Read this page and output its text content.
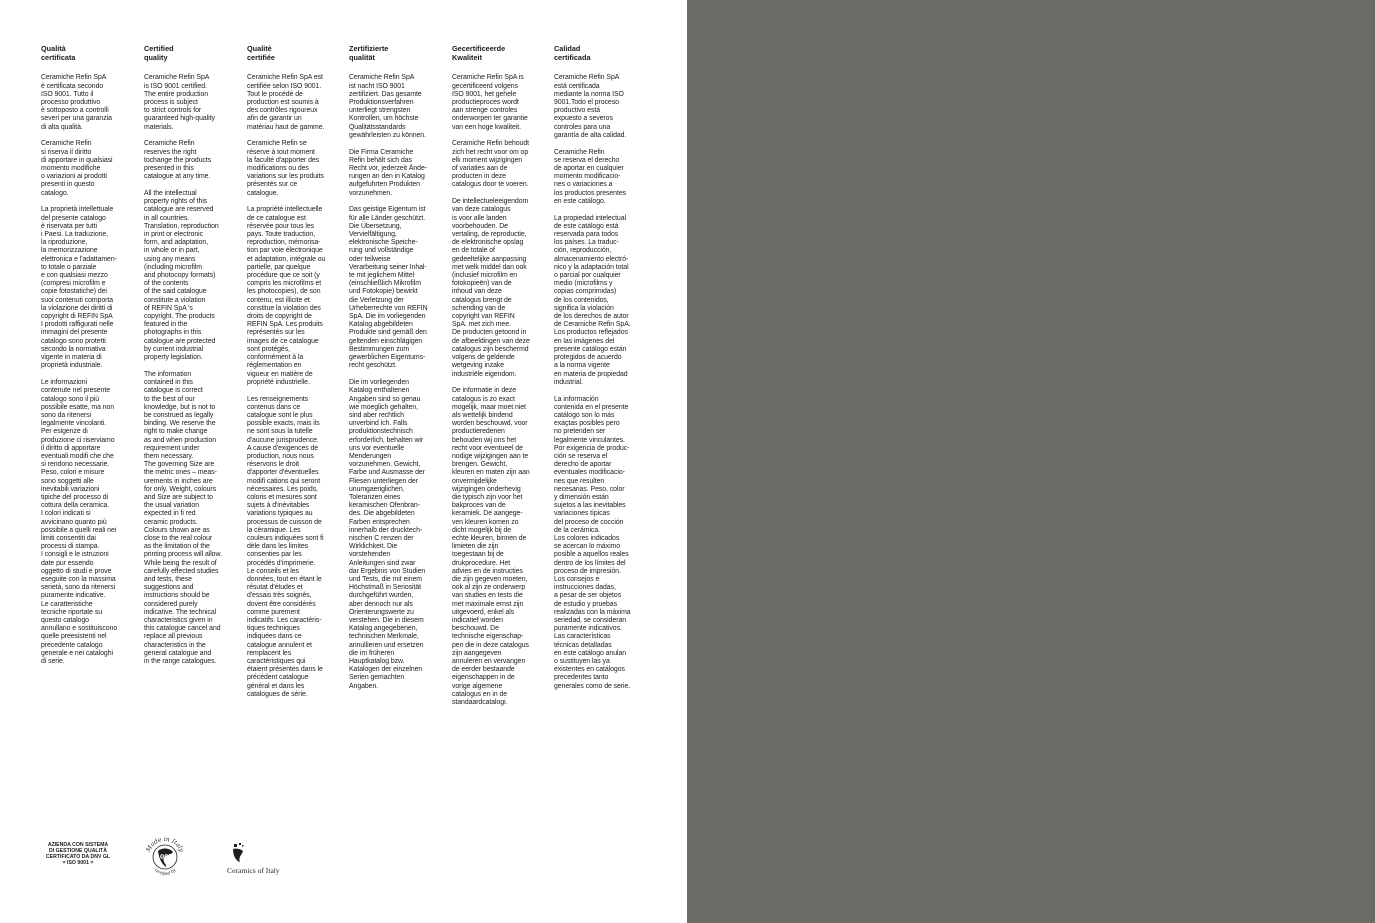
Qualità
certificata

Ceramiche Refin SpA
è certificata secondo
ISO 9001. Tutto il
processo produttivo
è sottoposto a controlli
severi per una garanzia
di alta qualità.

Ceramiche Refin
si riserva il diritto
di apportare in qualsiasi
momento modifiche
o variazioni ai prodotti
presenti in questo
catalogo.

La proprietà intellettuale
del presente catalogo
è riservata per tutti
i Paesi. La traduzione,
la riproduzione,
la memorizzazione
elettronica e l'adattamen-
to totale o parziale
e con qualsiasi mezzo
(compresi microfilm e
copie fotostatiche) dei
suoi contenuti comporta
la violazione dei diritti di
copyright di REFIN SpA
I prodotti raffigurati nelle
immagini del presente
catalogo sono protetti
secondo la normativa
vigente in materia di
proprietà industriale.

Le informazioni
contenute nel presente
catalogo sono il più
possibile esatte, ma non
sono da ritenersi
legalmente vincolanti.
Per esigenze di
produzione ci riserviamo
il diritto di apportare
eventuali modifi che che
si rendono necessarie.
Peso, colori e misure
sono soggetti alle
inevitabili variazioni
tipiche del processo di
cottura della ceramica.
I colori indicati si
avvicinano quanto più
possibile a quelli reali nei
limiti consentiti dai
processi di stampa.
I consigli e le istruzioni
date pur essendo
oggetto di studi e prove
eseguite con la massima
serietà, sono da ritenersi
puramente indicative.
Le caratteristiche
tecniche riportate su
questo catalogo
annullano e sostituiscono
quelle preesistenti nel
precedente catalogo
generale e nei cataloghi
di serie.

Certified
quality

Ceramiche Refin SpA
is ISO 9001 certified.
The entire production
process is subject
to strict controls for
guaranteed high-quality
materials.

Ceramiche Refin
reserves the right
tochange the products
presented in this
catalogue at any time.

All the intellectual
property rights of this
catalogue are reserved
in all countries.
Translation, reproduction
in print or electronic
form, and adaptation,
in whole or in part,
using any means
(including microfilm
and photocopy formats)
of the contents
of the said catalogue
constitute a violation
of REFIN SpA 's
copyright. The products
featured in the
photographs in this
catalogue are protected
by current industrial
property legislation.

The information
contained in this
catalogue is correct
to the best of our
knowledge, but is not to
be construed as legally
binding. We reserve the
right to make change
as and when production
requirement under
them necessary.
The governing Size are
the metric ones – meas-
urements in inches are
for only. Weight, colours
and Size are subject to
the usual variation
expected in fi red
ceramic products.
Colours shown are as
close to the real colour
as the limitation of the
printing process will allow.
While being the result of
carefully effected studies
and tests, these
suggestions and
instructions should be
considered purely
indicative. The technical
characteristics given in
this catalogue cancel and
replace all previous
characteristics in the
general catalogue and
in the range catalogues.

Qualitè
certifiée

Ceramiche Refin SpA est
certifiée selon ISO 9001.
Tout le procédé de
production est soumis à
des contrôles rigoureux
afin de garantir un
matériau haut de gamme.

Ceramiche Refin se
réserve à tout moment
la faculté d'apporter des
modifications ou des
variations sur les produits
présentés sur ce
catalogue.

La propriété intellectuelle
de ce catalogue est
réservée pour tous les
pays. Toute traduction,
reproduction, mémorisa-
tion par voie électronique
et adaptation, intégrale ou
partielle, par quelque
procédure que ce soit (y
compris les microfilms et
les photocopies), de son
contenu, est illicite et
constitue la violation des
droits de copyright de
REFIN SpA. Les produits
représentés sur les
images de ce catalogue
sont protégés,
conformément à la
réglementation en
vigueur en matière de
propriété industrielle.

Les renseignements
contenus dans ce
catalogue sont le plus
possible exacts, mais ils
ne sont sous la tutelle
d'aucune jurisprudence.
A cause d'exigences de
production, nous nous
réservons le droit
d'apporter d'éventuelles
modifi cations qui seront
nécessaires. Les poids,
coloris et mesures sont
sujets à d'inévitables
variations typiques au
processus de cuisson de
la céramique. Les
couleurs indiquées sont fi
dèle dans les limites
consenties par les
procédés d'imprimerie.
Le conseils et les
données, tout en étant le
résutat d'études et
d'essais très soignés,
dovent être considérés
comme purement
indicatifs. Les caractéris-
tiques techniques
indiquées dans ce
catalogue annulent et
remplacent les
caractéristiques qui
étaient présentes dans le
précédent catalogue
général et dans les
catalogues de série.

Zertifizierte
qualität

Ceramiche Refin SpA
ist nacht ISO 9001
zertifiziert. Das gesamte
Produktionsverfahren
unterliegt strengsten
Kontrollen, um höchste
Qualitätsstandards
gewährleisten zu können.

Die Firma Ceramiche
Refin behält sich das
Recht vor, jederzeit Ände-
rungen an den in Katalog
aufgefuhrten Produkten
vorzunehmen.

Das geistige Eigentum ist
für alle Länder geschützt.
Die Übersetzung,
Vervielfältigung,
elektronische Speiche-
rung und vollständige
oder teilweise
Verarbeitung seiner Inhal-
te mit jeglichem Mittel
(einschließlich Mikrofilm
und Fotokopie) bewirkt
die Verletzung der
Urheberrechte von REFIN
SpA. Die im vorliegenden
Katalog abgebildeten
Produkte sind gemäß den
geltenden einschlägigen
Bestimmungen zum
gewerblichen Eigentums-
recht geschützt.

Die im vorliegenden
Katalog enthaltenen
Angaben sind so genau
wie moeglich gehalten,
sind aber rechtlich
unverbind ich. Falls
produktionstechnisch
erforderlich, behalten wir
uns vor eventuelle
Menderungen
vorzunehmen. Gewicht,
Farbe und Ausmasse der
Fliesen unterliegen der
unumgaeriglichen.
Toleranzen eines
keramischen Ofenbran-
des. Die abgebildeten
Farben entsprechen
innerhalb der drucktech-
nischen C renzen der
Wirklichkeit. Die
vorstehenden
Anleitungen sind zwar
dar Ergebnis von Studien
und Tests, die mit einem
Höchstmaß in Seriosität
durchgeführt wurden,
aber dennoch nur als
Orienterungswerte zu
verstehen. Die in diesem
Katalog angegebenen,
technischen Merkmale,
annullieren und ersetzen
die im früheren
Hauptkatalog bzw.
Katalogen der einzelnen
Serien gemachten
Angaben.

Gecertificeerde
Kwaliteit

Ceramiche Refin SpA is
gecertificeerd volgens
ISO 9001, het gehele
productieproces wordt
aan strenge controles
onderworpen ter garantie
van een hoge kwaliteit.

Ceramiche Refin behoudt
zich het recht voor om op
elk moment wijzigingen
of variaties aan de
producten in deze
catalogus door te voeren.

De intellectueleeigendom
van deze catalogus
is voor alle landen
voorbehouden. De
vertaling, de reproductie,
de elektronische opslag
en de totale of
gedeeltelijke aanpassing
met welk middel dan ook
(inclusief microfilm en
fotokopieën) van de
inhoud van deze
catalogus brengt de
schending van de
copyright van REFIN
SpA. met zich mee.
De producten getoond in
de afbeeldingen van deze
catalogus zijn beschermd
volgens de geldende
wetgeving inzake
industriële eigendom.

De informatie in deze
catalogus is zo exact
mogelijk, maar moet niet
als wettelijk bindend
worden beschouwd, voor
productieredenen
behouden wij ons het
recht voor eventueel de
nodige wijzigingen aan te
brengen. Gewicht,
kleuren en maten zijn aan
onvermijdelijke
wijzigingen onderhevig
die typisch zijn voor het
bakproces van de
keramiek. De aangege-
ven kleuren komen zo
dicht mogelijk bij de
echte kleuren, binnen de
limieten die zijn
toegestaan bij de
drukprocedure. Het
advies en de instructies
die zijn gegeven moeten,
ook al zijn ze onderwerp
van studies en tests die
met maximale ernst zijn
uitgevoerd, enkel als
indicatief worden
beschouwd. De
technische eigenschap-
pen die in deze catalogus
zijn aangegeven
annuleren en vervangen
de eerder bestaande
eigenschappen in de
vorige algemene
catalogus en in de
standaardcatalogi.

Calidad
certificada

Ceramiche Refin SpA
está certificada
mediante la norma ISO
9001.Todo el proceso
productivo está
expuesto a severos
controles para una
garantía de alta calidad.

Ceramiche Refin
se reserva el derecho
de aportar en cualquier
momento modificacio-
nes o variaciones a
los productos presentes
en este catálogo.

La propiedad intelectual
de este catálogo está
reservada para todos
los países. La traduc-
ción, reproducción,
almacenamiento electró-
nico y la adaptación total
o parcial por cualquier
medio (microfilms y
copias comprimidas)
de los contenidos,
significa la violación
de los derechos de autor
de Ceramiche Refin SpA.
Los productos reflejados
en las imágenes del
presente catálogo están
protegidos de acuerdo
a la norma vigente
en materia de propiedad
industrial.

La información
contenida en el presente
catálogo son lo más
exaçtas posibles pero
no pretenden ser
legalmente vinculantes.
Por exigencia de produc-
ción se reserva el
derecho de aportar
eventuales modificacio-
nes que resulten
necesarias. Peso, color
y dimensión están
sujetos a las inevitables
variaciones típicas
del proceso de cocción
de la cerámica.
Los colores indicados
se acercan lo máximo
posible a aquellos reales
dentro de los límites del
proceso de impresión.
Los consejos e
instrucciones dadas,
a pesar de ser objetos
de estudio y pruebas
realizadas con la máxima
seriedad, se consideran
puramente indicativos.
Las características
técnicas detalladas
en este catálogo anulan
o sustituyen las ya
existentes en catálogos
precedentes tanto
generales como de serie.

AZIENDA CON SISTEMA
DI GESTIONE QUALITÀ
CERTIFICATO DA DNV GL
= ISO 9001 =
Made in Italy
100%
certified by	Ceramics of Italy
